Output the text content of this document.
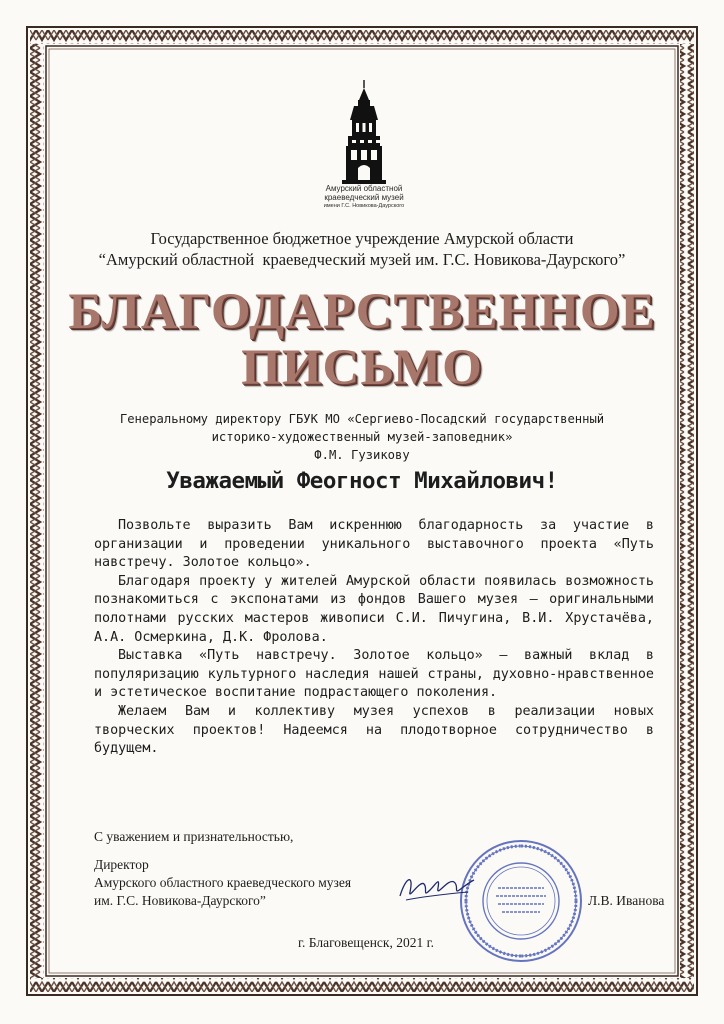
Амурский областной
краеведческий музей
имени Г.С. Новикова-Даурского
Государственное бюджетное учреждение Амурской области
“Амурский областной  краеведческий музей им. Г.С. Новикова-Даурского”
БЛАГОДАРСТВЕННОЕ
ПИСЬМО
Генеральному директору ГБУК МО «Сергиево-Посадский государственный
историко-художественный музей-заповедник»
Ф.М. Гузикову
Уважаемый Феогност Михайлович!

Позвольте выразить Вам искреннюю благодарность за участие в организации и проведении уникального выставочного проекта «Путь навстречу. Золотое кольцо».

Благодаря проекту у жителей Амурской области появилась возможность познакомиться с экспонатами из фондов Вашего музея – оригинальными полотнами русских мастеров живописи С.И. Пичугина, В.И. Хрустачёва, А.А. Осмеркина, Д.К. Фролова.

Выставка «Путь навстречу. Золотое кольцо» – важный вклад в популяризацию культурного наследия нашей страны, духовно-нравственное и эстетическое воспитание подрастающего поколения.

Желаем Вам и коллективу музея успехов в реализации новых творческих проектов! Надеемся на плодотворное сотрудничество в будущем.

С уважением и признательностью,
Директор
Амурского областного краеведческого музея
им. Г.С. Новикова-Даурского”	Л.В. Иванова
г. Благовещенск, 2021 г.
